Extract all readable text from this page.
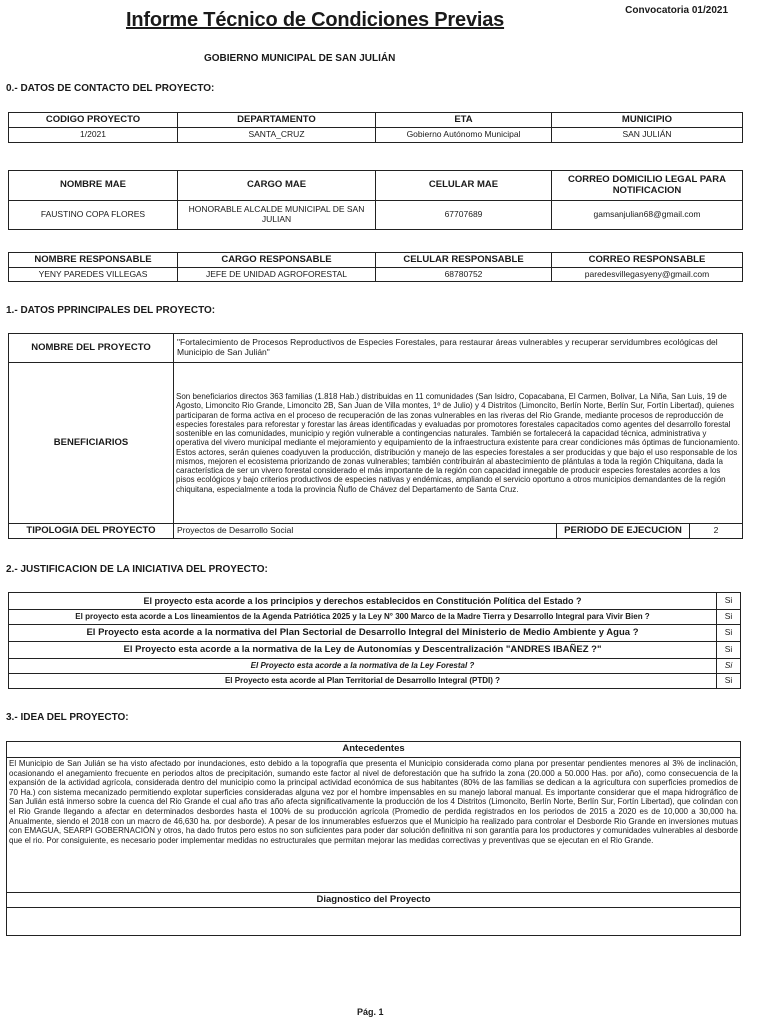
Convocatoria 01/2021
Informe Técnico de Condiciones Previas
GOBIERNO MUNICIPAL DE SAN JULIÁN
0.- DATOS DE CONTACTO DEL PROYECTO:
CODIGO PROYECTO	DEPARTAMENTO	ETA	MUNICIPIO
1/2021	SANTA_CRUZ	Gobierno Autónomo Municipal	SAN JULIÁN
NOMBRE MAE	CARGO MAE	CELULAR MAE	CORREO DOMICILIO LEGAL PARA NOTIFICACION
FAUSTINO COPA FLORES	HONORABLE ALCALDE MUNICIPAL DE SAN JULIAN	67707689	gamsanjulian68@gmail.com
NOMBRE RESPONSABLE	CARGO RESPONSABLE	CELULAR RESPONSABLE	CORREO RESPONSABLE
YENY PAREDES VILLEGAS	JEFE DE UNIDAD AGROFORESTAL	68780752	paredesvillegasyeny@gmail.com
1.- DATOS PPRINCIPALES DEL PROYECTO:
NOMBRE DEL PROYECTO	"Fortalecimiento de Procesos Reproductivos de Especies Forestales, para restaurar áreas vulnerables y recuperar servidumbres ecológicas del Municipio de San Julián"		
BENEFICIARIOS	Son beneficiarios directos 363 familias (1.818 Hab.) distribuidas en 11 comunidades (San Isidro, Copacabana, El Carmen, Bolivar, La Niña, San Luis, 19 de Agosto, Limoncito Rio Grande, Limoncito 2B, San Juan de Villa montes, 1º de Julio) y 4 Distritos (Limoncito, Berlín Norte, Berlín Sur, Fortín Libertad), quienes participaran de forma activa en el proceso de recuperación de las zonas vulnerables en las riveras del Rio Grande, mediante procesos de reproducción de especies forestales para reforestar y forestar las áreas identificadas y evaluadas por promotores forestales capacitados como agentes del desarrollo forestal sostenible en las comunidades, municipio y región vulnerable a contingencias naturales. También se fortalecerá la capacidad técnica, administrativa y operativa del vivero municipal mediante el mejoramiento y equipamiento de la infraestructura existente para crear condiciones más óptimas de funcionamiento. Estos actores, serán quienes coadyuven la producción, distribución y manejo de las especies forestales a ser producidas y que bajo el uso responsable de los mismos, mejoren el ecosistema priorizando de zonas vulnerables; también contribuirán al abastecimiento de plántulas a toda la región Chiquitana, dada la característica de ser un vivero forestal considerado el más importante de la región con capacidad innegable de producir especies forestales acordes a los pisos ecológicos y bajo criterios productivos de especies nativas y endémicas, ampliando el servicio oportuno a otros municipios demandantes de la región chiquitana, especialmente a toda la provincia Ñuflo de Chávez del Departamento de Santa Cruz.		
TIPOLOGIA DEL PROYECTO	Proyectos de Desarrollo Social	PERIODO DE EJECUCION	2
2.- JUSTIFICACION DE LA INICIATIVA DEL PROYECTO:
El proyecto esta acorde a los principios y derechos establecidos en Constitución Política del Estado ?	Si
El proyecto esta acorde a Los lineamientos de la Agenda Patriótica 2025 y la Ley N° 300 Marco de la Madre Tierra y Desarrollo Integral para Vivir Bien ?	Si
El Proyecto esta acorde a la normativa del Plan Sectorial de Desarrollo Integral del Ministerio de Medio Ambiente y Agua ?	Si
El Proyecto esta acorde a la normativa de la Ley de Autonomías y Descentralización "ANDRES IBAÑEZ ?"	Si
El Proyecto esta acorde a la normativa de la Ley Forestal ?	Si
El Proyecto esta acorde al Plan Territorial de Desarrollo Integral (PTDI) ?	Si
3.- IDEA DEL PROYECTO:
Antecedentes
El Municipio de San Julián se ha visto afectado por inundaciones, esto debido a la topografía que presenta el Municipio considerada como plana por presentar pendientes menores al 3% de inclinación, ocasionando el anegamiento frecuente en periodos altos de precipitación, sumando este factor al nivel de deforestación que ha sufrido la zona (20.000 a 50.000 Has. por año), como consecuencia de la expansión de la actividad agrícola, considerada dentro del municipio como la principal actividad económica de sus habitantes (80% de las familias se dedican a la agricultura con superficies promedios de 70 Ha.) con sistema mecanizado permitiendo explotar superficies consideradas alguna vez por el hombre impensables en su manejo laboral manual. Es importante considerar que el mapa hidrográfico de San Julián está inmerso sobre la cuenca del Rio Grande el cual año tras año afecta significativamente la producción de los 4 Distritos (Limoncito, Berlín Norte, Berlín Sur, Fortín Libertad), que colindan con el Rio Grande llegando a afectar en determinados desbordes hasta el 100% de su producción agrícola (Promedio de perdida registrados en los periodos de 2015 a 2020 es de 10,000 a 30,000 ha. Anualmente, siendo el 2018 con un macro de 46,630 ha. por desborde). A pesar de los innumerables esfuerzos que el Municipio ha realizado para controlar el Desborde Rio Grande en inversiones mutuas con EMAGUA, SEARPI GOBERNACIÓN y otros, ha dado frutos pero estos no son suficientes para poder dar solución definitiva ni son garantía para los productores y comunidades vulnerables al desborde que el rio. Por consiguiente, es necesario poder implementar medidas no estructurales que permitan mejorar las medidas correctivas y preventivas que se ejecutan en el Rio Grande.
Diagnostico del Proyecto

Pág. 1
